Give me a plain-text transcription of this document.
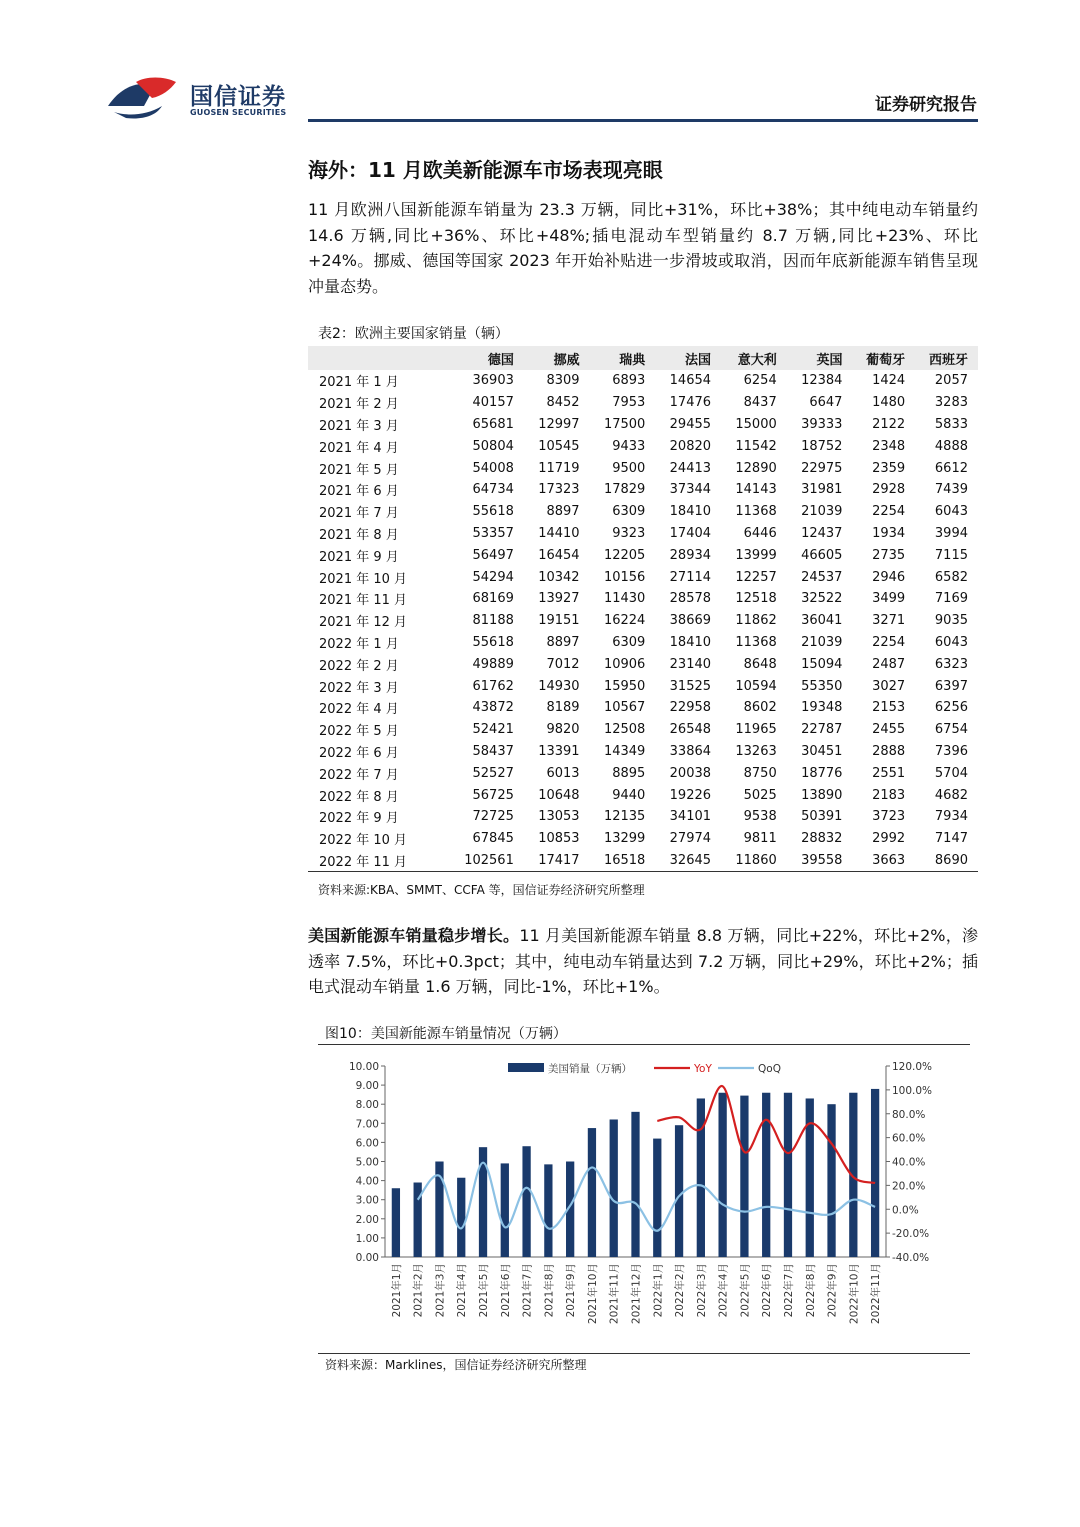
国信证券
GUOSEN SECURITIES	证券研究报告
海外：11 月欧美新能源车市场表现亮眼
11 月欧洲八国新能源车销量为 23.3 万辆，同比+31%，环比+38%；其中纯电动车销量约 14.6 万辆,同比+36%、环比+48%;插电混动车型销量约 8.7 万辆,同比+23%、环比+24%。挪威、德国等国家 2023 年开始补贴进一步滑坡或取消，因而年底新能源车销售呈现冲量态势。
表2：欧洲主要国家销量（辆）
	德国	挪威	瑞典	法国	意大利	英国	葡萄牙	西班牙
2021 年 1 月	36903	8309	6893	14654	6254	12384	1424	2057
2021 年 2 月	40157	8452	7953	17476	8437	6647	1480	3283
2021 年 3 月	65681	12997	17500	29455	15000	39333	2122	5833
2021 年 4 月	50804	10545	9433	20820	11542	18752	2348	4888
2021 年 5 月	54008	11719	9500	24413	12890	22975	2359	6612
2021 年 6 月	64734	17323	17829	37344	14143	31981	2928	7439
2021 年 7 月	55618	8897	6309	18410	11368	21039	2254	6043
2021 年 8 月	53357	14410	9323	17404	6446	12437	1934	3994
2021 年 9 月	56497	16454	12205	28934	13999	46605	2735	7115
2021 年 10 月	54294	10342	10156	27114	12257	24537	2946	6582
2021 年 11 月	68169	13927	11430	28578	12518	32522	3499	7169
2021 年 12 月	81188	19151	16224	38669	11862	36041	3271	9035
2022 年 1 月	55618	8897	6309	18410	11368	21039	2254	6043
2022 年 2 月	49889	7012	10906	23140	8648	15094	2487	6323
2022 年 3 月	61762	14930	15950	31525	10594	55350	3027	6397
2022 年 4 月	43872	8189	10567	22958	8602	19348	2153	6256
2022 年 5 月	52421	9820	12508	26548	11965	22787	2455	6754
2022 年 6 月	58437	13391	14349	33864	13263	30451	2888	7396
2022 年 7 月	52527	6013	8895	20038	8750	18776	2551	5704
2022 年 8 月	56725	10648	9440	19226	5025	13890	2183	4682
2022 年 9 月	72725	13053	12135	34101	9538	50391	3723	7934
2022 年 10 月	67845	10853	13299	27974	9811	28832	2992	7147
2022 年 11 月	102561	17417	16518	32645	11860	39558	3663	8690
资料来源:KBA、SMMT、CCFA 等，国信证券经济研究所整理
美国新能源车销量稳步增长。11 月美国新能源车销量 8.8 万辆，同比+22%，环比+2%，渗透率 7.5%，环比+0.3pct；其中，纯电动车销量达到 7.2 万辆，同比+29%，环比+2%；插电式混动车销量 1.6 万辆，同比-1%，环比+1%。
图10：美国新能源车销量情况（万辆）
0.00
1.00
2.00
3.00
4.00
5.00
6.00
7.00
8.00
9.00
10.00
-40.0%
-20.0%
0.0%
20.0%
40.0%
60.0%
80.0%
100.0%
120.0%
2021年1月 2021年2月 2021年3月 2021年4月 2021年5月 2021年6月 2021年7月 2021年8月 2021年9月 2021年10月 2021年11月 2021年12月 2022年1月 2022年2月 2022年3月 2022年4月 2022年5月 2022年6月 2022年7月 2022年8月 2022年9月 2022年10月 2022年11月
美国销量（万辆）	YoY	QoQ
资料来源：Marklines，国信证券经济研究所整理
